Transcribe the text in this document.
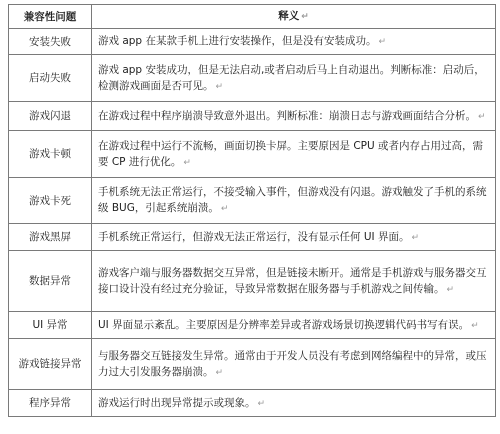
兼容性问题	释义 ↵
安装失败	游戏 app 在某款手机上进行安装操作，但是没有安装成功。 ↵
启动失败	游戏 app 安装成功，但是无法启动,或者启动后马上自动退出。判断标准：启动后，检测游戏画面是否可见。 ↵
游戏闪退	在游戏过程中程序崩溃导致意外退出。判断标准：崩溃日志与游戏画面结合分析。 ↵
游戏卡顿	在游戏过程中运行不流畅，画面切换卡屏。主要原因是 CPU 或者内存占用过高，需要 CP 进行优化。 ↵
游戏卡死	手机系统无法正常运行，不接受输入事件，但游戏没有闪退。游戏触发了手机的系统级 BUG，引起系统崩溃。 ↵
游戏黑屏	手机系统正常运行，但游戏无法正常运行，没有显示任何 UI 界面。 ↵
数据异常	游戏客户端与服务器数据交互异常，但是链接未断开。通常是手机游戏与服务器交互接口设计没有经过充分验证，导致异常数据在服务器与手机游戏之间传输。 ↵
UI 异常	UI 界面显示紊乱。主要原因是分辨率差异或者游戏场景切换逻辑代码书写有误。 ↵
游戏链接异常	与服务器交互链接发生异常。通常由于开发人员没有考虑到网络编程中的异常，或压力过大引发服务器崩溃。 ↵
程序异常	游戏运行时出现异常提示或现象。 ↵
